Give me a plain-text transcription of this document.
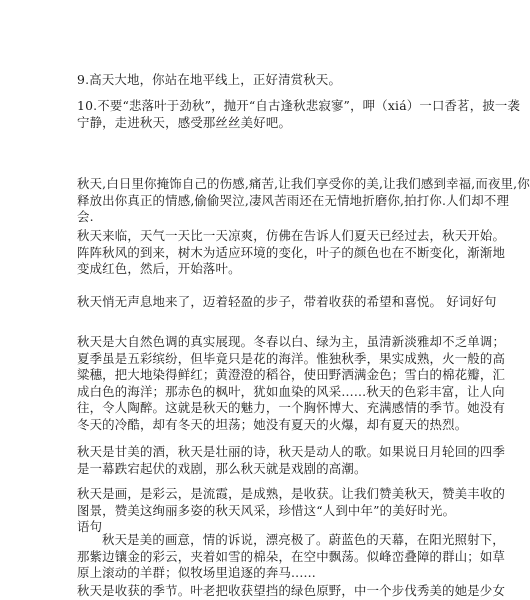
9.高天大地，你站在地平线上，正好清赏秋天。
10.不要“悲落叶于劲秋”，抛开“自古逢秋悲寂寥”，呷（xiá）一口香茗，披一袭
宁静，走进秋天，感受那丝丝美好吧。
秋天,白日里你掩饰自己的伤感,痛苦,让我们享受你的美,让我们感到幸福,而夜里,你
释放出你真正的情感,偷偷哭泣,凄风苦雨还在无情地折磨你,拍打你.人们却不理
会.
秋天来临，天气一天比一天凉爽，仿佛在告诉人们夏天已经过去，秋天开始。
阵阵秋风的到来，树木为适应环境的变化，叶子的颜色也在不断变化，渐渐地
变成红色，然后，开始落叶。
秋天悄无声息地来了，迈着轻盈的步子，带着收获的希望和喜悦。 好词好句
秋天是大自然色调的真实展现。冬春以白、绿为主，虽清新淡雅却不乏单调；
夏季虽是五彩缤纷，但毕竟只是花的海洋。惟独秋季，果实成熟，火一般的高
粱穗，把大地染得鲜红；黄澄澄的稻谷，使田野洒满金色；雪白的棉花瓣，汇
成白色的海洋；那赤色的枫叶，犹如血染的风采......秋天的色彩丰富，让人向
往，令人陶醉。这就是秋天的魅力，一个胸怀博大、充满感情的季节。她没有
冬天的冷酷，却有冬天的坦荡；她没有夏天的火爆，却有夏天的热烈。
秋天是甘美的酒，秋天是壮丽的诗，秋天是动人的歌。如果说日月轮回的四季
是一幕跌宕起伏的戏剧，那么秋天就是戏剧的高潮。
秋天是画，是彩云，是流霞，是成熟，是收获。让我们赞美秋天，赞美丰收的
图景，赞美这绚丽多姿的秋天风采，珍惜这“人到中年”的美好时光。
语句
秋天是美的画意，情的诉说，漂亮极了。蔚蓝色的天幕，在阳光照射下，
那紫边镶金的彩云，夹着如雪的棉朵，在空中飘荡。似峰峦叠障的群山；如草
原上滚动的羊群；似牧场里追逐的奔马......
秋天是收获的季节。叶老把收获望挡的绿色原野，中一个步伐秀美的她是少女
